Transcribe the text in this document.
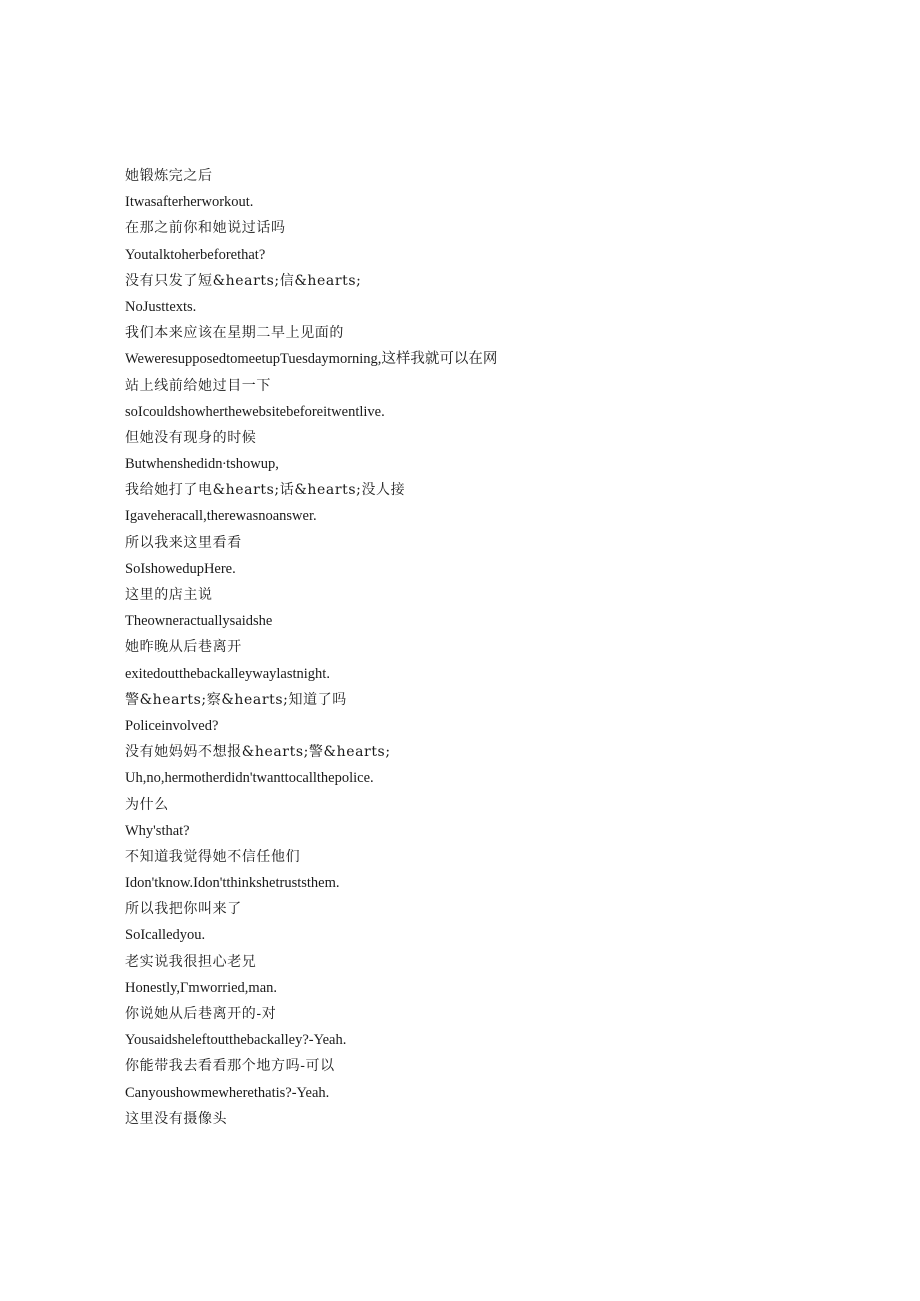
她锻炼完之后
Itwasafterherworkout.
在那之前你和她说过话吗
Youtalktoherbeforethat?
没有只发了短&hearts;信&hearts;
NoJusttexts.
我们本来应该在星期二早上见面的
WeweresupposedtomeetupTuesdaymorning,这样我就可以在网
站上线前给她过目一下
soIcouldshowherthewebsitebeforeitwentlive.
但她没有现身的时候
Butwhenshedidn∙tshowup,
我给她打了电&hearts;话&hearts;没人接
Igaveheracall,therewasnoanswer.
所以我来这里看看
SoIshowedupHere.
这里的店主说
Theowneractuallysaidshe
她昨晚从后巷离开
exitedoutthebackalleywaylastnight.
警&hearts;察&hearts;知道了吗
Policeinvolved?
没有她妈妈不想报&hearts;警&hearts;
Uh,no,hermotherdidn'twanttocallthepolice.
为什么
Why'sthat?
不知道我觉得她不信任他们
Idon'tknow.Idon'tthinkshetruststhem.
所以我把你叫来了
SoIcalledyou.
老实说我很担心老兄
Honestly,Γmworried,man.
你说她从后巷离开的-对
Yousaidsheleftoutthebackalley?-Yeah.
你能带我去看看那个地方吗-可以
Canyoushowmewherethatis?-Yeah.
这里没有摄像头
